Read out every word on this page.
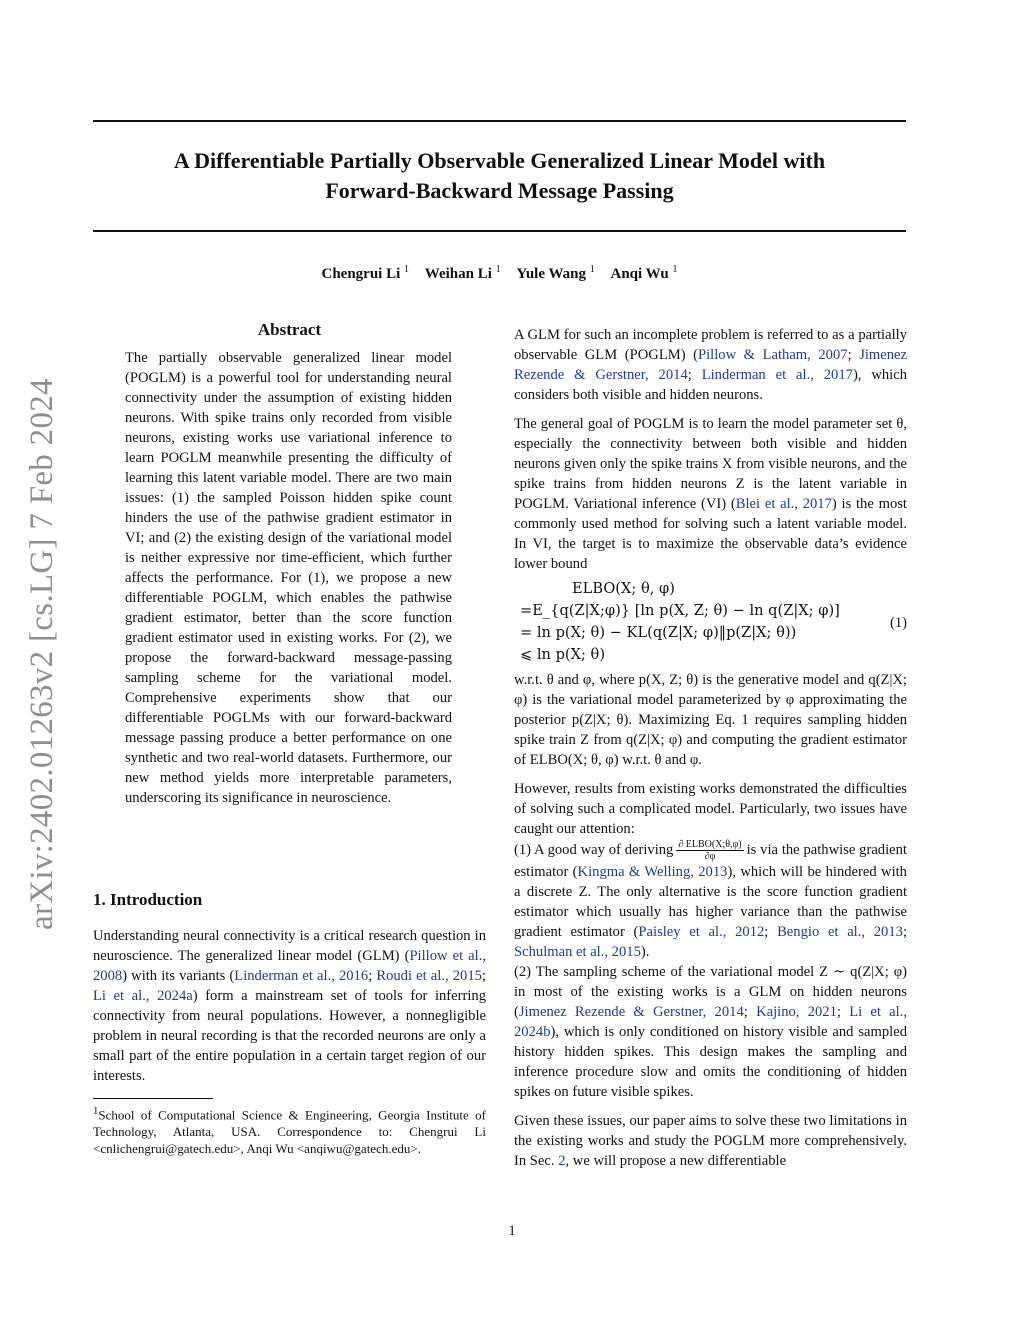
arXiv:2402.01263v2 [cs.LG] 7 Feb 2024
A Differentiable Partially Observable Generalized Linear Model with
Forward-Backward Message Passing
Chengrui Li $^1$ Weihan Li $^1$ Yule Wang $^1$ Anqi Wu $^1$
Abstract
The partially observable generalized linear model (POGLM) is a powerful tool for understanding neural connectivity under the assumption of existing hidden neurons. With spike trains only recorded from visible neurons, existing works use variational inference to learn POGLM meanwhile presenting the difficulty of learning this latent variable model. There are two main issues: (1) the sampled Poisson hidden spike count hinders the use of the pathwise gradient estimator in VI; and (2) the existing design of the variational model is neither expressive nor time-efficient, which further affects the performance. For (1), we propose a new differentiable POGLM, which enables the pathwise gradient estimator, better than the score function gradient estimator used in existing works. For (2), we propose the forward-backward message-passing sampling scheme for the variational model. Comprehensive experiments show that our differentiable POGLMs with our forward-backward message passing produce a better performance on one synthetic and two real-world datasets. Furthermore, our new method yields more interpretable parameters, underscoring its significance in neuroscience.
1. Introduction
Understanding neural connectivity is a critical research question in neuroscience. The generalized linear model (GLM) (Pillow et al., 2008) with its variants (Linderman et al., 2016; Roudi et al., 2015; Li et al., 2024a) form a mainstream set of tools for inferring connectivity from neural populations. However, a nonnegligible problem in neural recording is that the recorded neurons are only a small part of the entire population in a certain target region of our interests.
$^1$School of Computational Science & Engineering, Georgia Institute of Technology, Atlanta, USA. Correspondence to: Chengrui Li <cnlichengrui@gatech.edu>, Anqi Wu <anqiwu@gatech.edu>.

A GLM for such an incomplete problem is referred to as a partially observable GLM (POGLM) (Pillow & Latham, 2007; Jimenez Rezende & Gerstner, 2014; Linderman et al., 2017), which considers both visible and hidden neurons.

The general goal of POGLM is to learn the model parameter set θ, especially the connectivity between both visible and hidden neurons given only the spike trains X from visible neurons, and the spike trains from hidden neurons Z is the latent variable in POGLM. Variational inference (VI) (Blei et al., 2017) is the most commonly used method for solving such a latent variable model. In VI, the target is to maximize the observable data’s evidence lower bound

ELBO(X; θ, φ)
=E_{q(Z|X;φ)} [ln p(X, Z; θ) − ln q(Z|X; φ)]
= ln p(X; θ) − KL(q(Z|X; φ)‖p(Z|X; θ))
⩽ ln p(X; θ)
(1)

w.r.t. θ and φ, where p(X, Z; θ) is the generative model and q(Z|X; φ) is the variational model parameterized by φ approximating the posterior p(Z|X; θ). Maximizing Eq. 1 requires sampling hidden spike train Z from q(Z|X; φ) and computing the gradient estimator of ELBO(X; θ, φ) w.r.t. θ and φ.

However, results from existing works demonstrated the difficulties of solving such a complicated model. Particularly, two issues have caught our attention:
(1) A good way of deriving $\frac{\text{∂ ELBO(X;θ,φ)}}{\partial\varphi}$ is via the pathwise gradient estimator (Kingma & Welling, 2013), which will be hindered with a discrete Z. The only alternative is the score function gradient estimator which usually has higher variance than the pathwise gradient estimator (Paisley et al., 2012; Bengio et al., 2013; Schulman et al., 2015).
(2) The sampling scheme of the variational model Z ∼ q(Z|X; φ) in most of the existing works is a GLM on hidden neurons (Jimenez Rezende & Gerstner, 2014; Kajino, 2021; Li et al., 2024b), which is only conditioned on history visible and sampled history hidden spikes. This design makes the sampling and inference procedure slow and omits the conditioning of hidden spikes on future visible spikes.

Given these issues, our paper aims to solve these two limitations in the existing works and study the POGLM more comprehensively. In Sec. 2, we will propose a new differentiable

1
